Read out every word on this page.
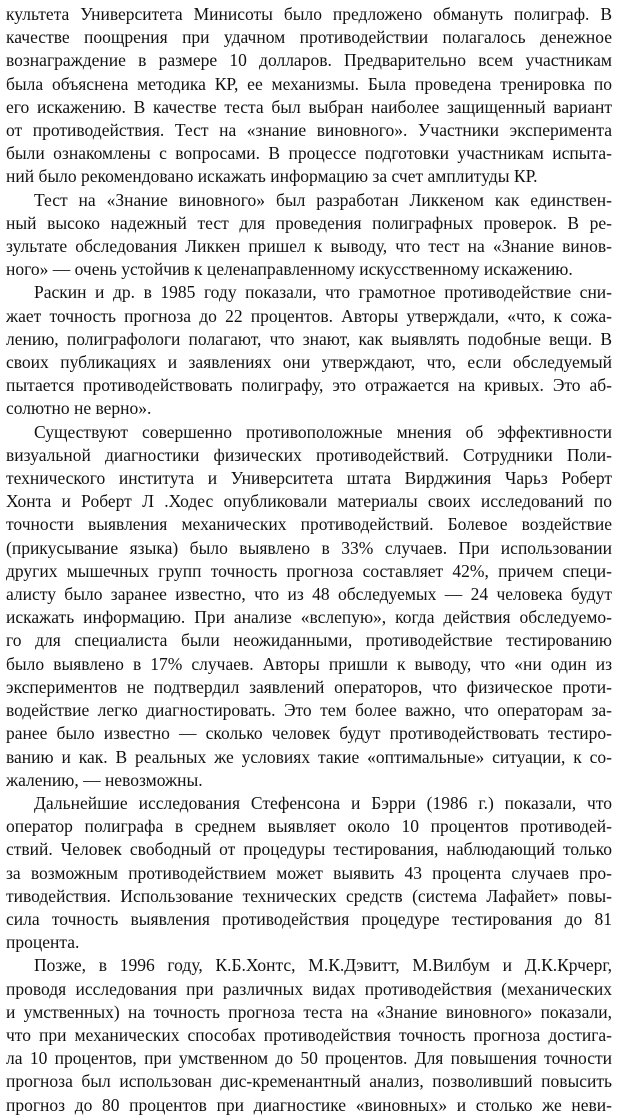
культета Университета Минисоты было предложено обмануть полиграф. В
качестве поощрения при удачном противодействии полагалось денежное
вознаграждение в размере 10 долларов. Предварительно всем участникам
была объяснена методика КР, ее механизмы. Была проведена тренировка по
его искажению. В качестве теста был выбран наиболее защищенный вариант
от противодействия. Тест на «знание виновного». Участники эксперимента
были ознакомлены с вопросами. В процессе подготовки участникам испыта-
ний было рекомендовано искажать информацию за счет амплитуды КР.
Тест на «Знание виновного» был разработан Ликкеном как единствен-
ный высоко надежный тест для проведения полиграфных проверок. В ре-
зультате обследования Ликкен пришел к выводу, что тест на «Знание винов-
ного» — очень устойчив к целенаправленному искусственному искажению.
Раскин и др. в 1985 году показали, что грамотное противодействие сни-
жает точность прогноза до 22 процентов. Авторы утверждали, «что, к сожа-
лению, полиграфологи полагают, что знают, как выявлять подобные вещи. В
своих публикациях и заявлениях они утверждают, что, если обследуемый
пытается противодействовать полиграфу, это отражается на кривых. Это аб-
солютно не верно».
Существуют совершенно противоположные мнения об эффективности
визуальной диагностики физических противодействий. Сотрудники Поли-
технического института и Университета штата Вирджиния Чарьз Роберт
Хонта и Роберт Л .Ходес опубликовали материалы своих исследований по
точности выявления механических противодействий. Болевое воздействие
(прикусывание языка) было выявлено в 33% случаев. При использовании
других мышечных групп точность прогноза составляет 42%, причем специ-
алисту было заранее известно, что из 48 обследуемых — 24 человека будут
искажать информацию. При анализе «вслепую», когда действия обследуемо-
го для специалиста были неожиданными, противодействие тестированию
было выявлено в 17% случаев. Авторы пришли к выводу, что «ни один из
экспериментов не подтвердил заявлений операторов, что физическое проти-
водействие легко диагностировать. Это тем более важно, что операторам за-
ранее было известно — сколько человек будут противодействовать тестиро-
ванию и как. В реальных же условиях такие «оптимальные» ситуации, к со-
жалению, — невозможны.
Дальнейшие исследования Стефенсона и Бэрри (1986 г.) показали, что
оператор полиграфа в среднем выявляет около 10 процентов противодей-
ствий. Человек свободный от процедуры тестирования, наблюдающий только
за возможным противодействием может выявить 43 процента случаев про-
тиводействия. Использование технических средств (система Лафайет» повы-
сила точность выявления противодействия процедуре тестирования до 81
процента.
Позже, в 1996 году, К.Б.Хонтс, М.К.Дэвитт, М.Вилбум и Д.К.Крчерг,
проводя исследования при различных видах противодействия (механических
и умственных) на точность прогноза теста на «Знание виновного» показали,
что при механических способах противодействия точность прогноза достига-
ла 10 процентов, при умственном до 50 процентов. Для повышения точности
прогноза был использован дис-кременантный анализ, позволивший повысить
прогноз до 80 процентов при диагностике «виновных» и столько же неви-
